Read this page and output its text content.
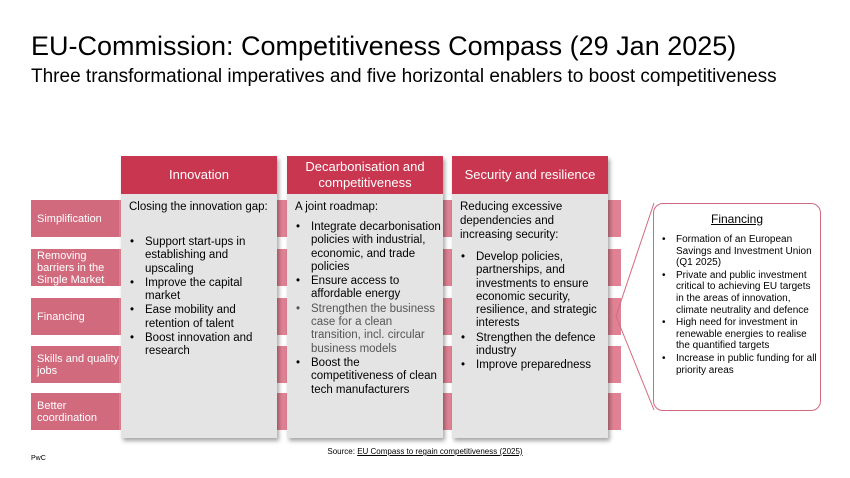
EU-Commission: Competitiveness Compass (29 Jan 2025)
Three transformational imperatives and five horizontal enablers to boost competitiveness
Simplification
Removing barriers in the Single Market
Financing
Skills and quality jobs
Better coordination
Innovation
Closing the innovation gap:
• Support start-ups in establishing and upscaling
• Improve the capital market
• Ease mobility and retention of talent
• Boost innovation and research
Decarbonisation and competitiveness
A joint roadmap:
• Integrate decarbonisation policies with industrial, economic, and trade policies
• Ensure access to affordable energy
• Strengthen the business case for a clean transition, incl. circular business models
• Boost the competitiveness of clean tech manufacturers
Security and resilience
Reducing excessive dependencies and increasing security:
• Develop policies, partnerships, and investments to ensure economic security, resilience, and strategic interests
• Strengthen the defence industry
• Improve preparedness
Financing
• Formation of an European Savings and Investment Union (Q1 2025)
• Private and public investment critical to achieving EU targets in the areas of innovation, climate neutrality and defence
• High need for investment in renewable energies to realise the quantified targets
• Increase in public funding for all priority areas
Source: EU Compass to regain competitiveness (2025)
PwC
